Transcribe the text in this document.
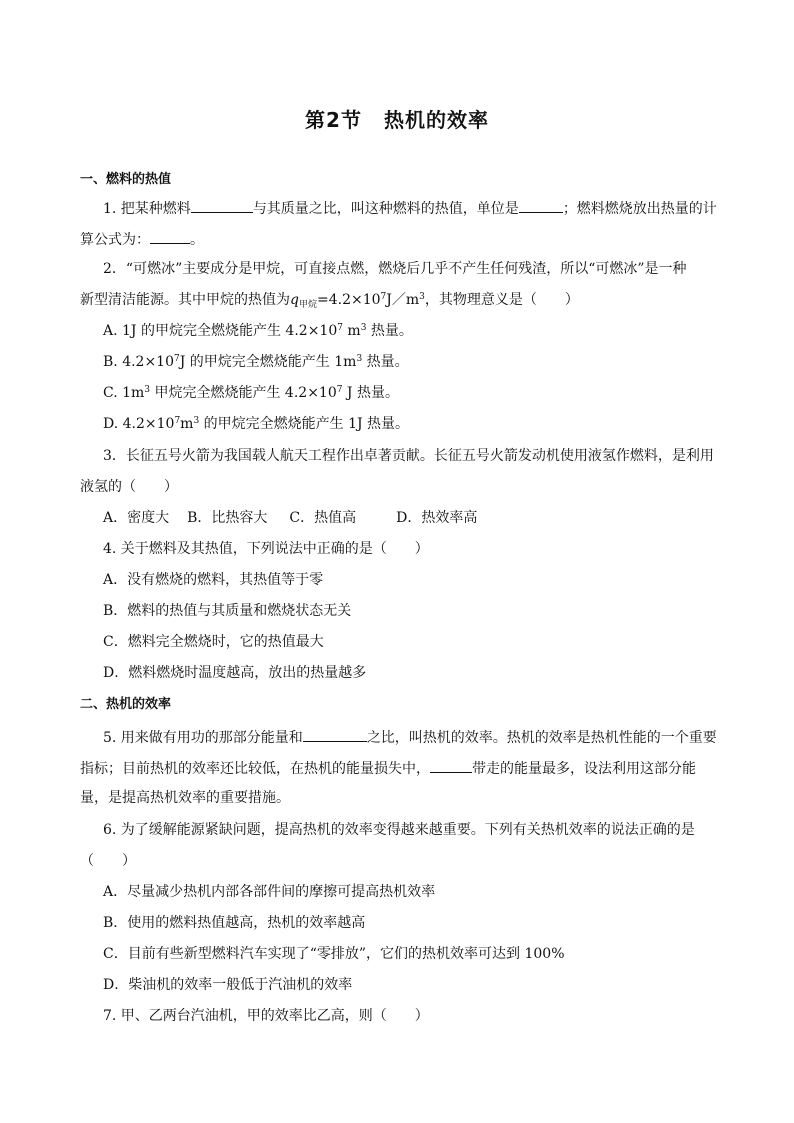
第2节 热机的效率
一、燃料的热值
1. 把某种燃料	与其质量之比，叫这种燃料的热值，单位是	；燃料燃烧放出热量的计
算公式为：	。
2．“可燃冰”主要成分是甲烷，可直接点燃，燃烧后几乎不产生任何残渣，所以“可燃冰”是一种
新型清洁能源。其中甲烷的热值为$q_{甲烷}=4.2\times 10^7J/m^3$，其物理意义是（　　）
A. 1J 的甲烷完全燃烧能产生 $4.2\times 10^7$ $m^3$ 热量。
B. $4.2\times 10^7J$ 的甲烷完全燃烧能产生 $1m^3$ 热量。
C. $1m^3$ 甲烷完全燃烧能产生 $4.2\times 10^7$ J 热量。
D. $4.2\times 10^7m^3$ 的甲烷完全燃烧能产生 1J 热量。
3．长征五号火箭为我国载人航天工程作出卓著贡献。长征五号火箭发动机使用液氢作燃料，是利用
液氢的（　　）
A．密度大 B．比热容大 C．热值高	D．热效率高
4. 关于燃料及其热值，下列说法中正确的是（　　）
A．没有燃烧的燃料，其热值等于零
B．燃料的热值与其质量和燃烧状态无关
C．燃料完全燃烧时，它的热值最大
D．燃料燃烧时温度越高，放出的热量越多
二、热机的效率
5. 用来做有用功的那部分能量和	之比，叫热机的效率。热机的效率是热机性能的一个重要
指标；目前热机的效率还比较低，在热机的能量损失中，	带走的能量最多，设法利用这部分能
量，是提高热机效率的重要措施。
6. 为了缓解能源紧缺问题，提高热机的效率变得越来越重要。下列有关热机效率的说法正确的是
（　　）
A．尽量减少热机内部各部件间的摩擦可提高热机效率
B．使用的燃料热值越高，热机的效率越高
C．目前有些新型燃料汽车实现了“零排放”，它们的热机效率可达到 100%
D．柴油机的效率一般低于汽油机的效率
7. 甲、乙两台汽油机，甲的效率比乙高，则（　　）
